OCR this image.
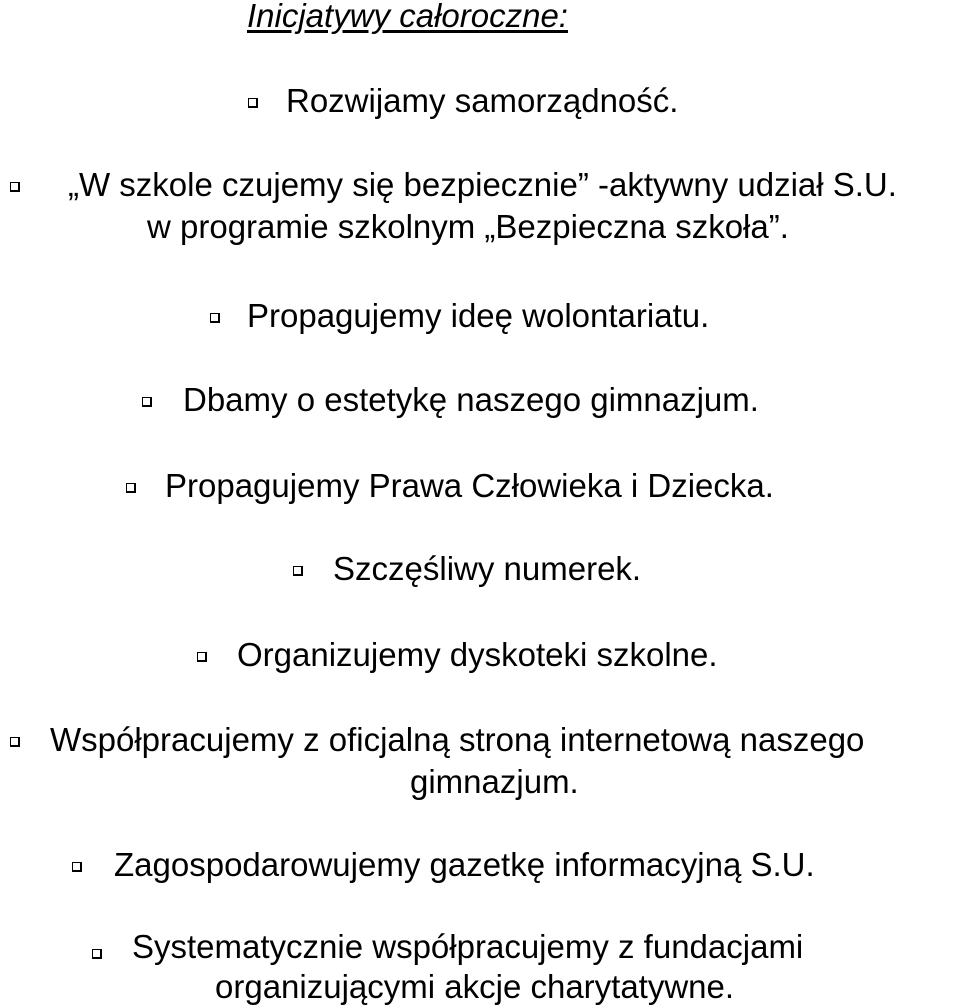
Inicjatywy całoroczne:
Rozwijamy samorządność.
„W szkole czujemy się bezpiecznie” -aktywny udział S.U.
w programie szkolnym „Bezpieczna szkoła”.
Propagujemy ideę wolontariatu.
Dbamy o estetykę naszego gimnazjum.
Propagujemy Prawa Człowieka i Dziecka.
Szczęśliwy numerek.
Organizujemy dyskoteki szkolne.
Współpracujemy z oficjalną stroną internetową naszego
gimnazjum.
Zagospodarowujemy gazetkę informacyjną S.U.
Systematycznie współpracujemy z fundacjami
organizującymi akcje charytatywne.
